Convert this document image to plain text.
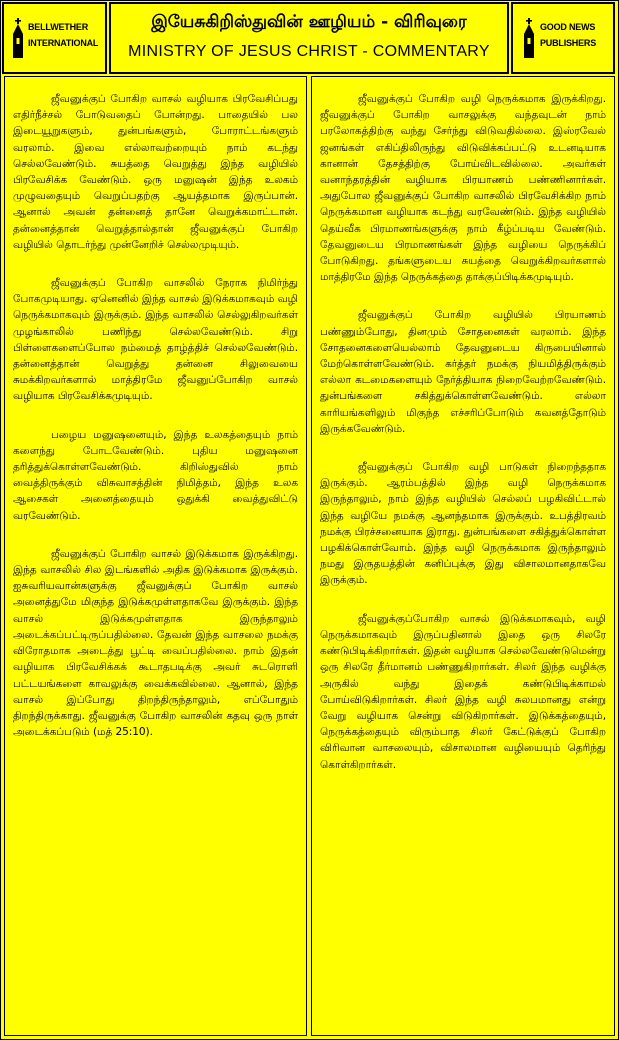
BELLWETHER
INTERNATIONAL
இயேசுகிறிஸ்துவின் ஊழியம் - விரிவுரை
MINISTRY OF JESUS CHRIST - COMMENTARY
GOOD NEWS
PUBLISHERS

ஜீவனுக்குப் போகிற வாசல் வழியாக பிரவேசிப்பது எதிர்நீச்சல் போடுவதைப் போன்றது. பாதையில் பல இடையூறுகளும், துன்பங்களும், போராட்டங்களும் வரலாம். இவை எல்லாவற்றையும் நாம் கடந்து செல்லவேண்டும். சுயத்தை வெறுத்து இந்த வழியில் பிரவேசிக்க வேண்டும். ஒரு மனுஷன் இந்த உலகம் முழுவதையும் வெறுப்பதற்கு ஆயத்தமாக இருப்பான். ஆனால் அவன் தன்னைத் தானே வெறுக்கமாட்டான். தன்னைத்தான் வெறுத்தால்தான் ஜீவனுக்குப் போகிற வழியில் தொடர்ந்து முன்னேறிச் செல்லமுடியும்.

ஜீவனுக்குப் போகிற வாசலில் நேராக நிமிர்ந்து போகமுடியாது. ஏனெனில் இந்த வாசல் இடுக்கமாகவும் வழி நெருக்கமாகவும் இருக்கும். இந்த வாசலில் செல்லுகிறவர்கள் முழங்காலில் பணிந்து செல்லவேண்டும். சிறு பிள்ளைகளைப்போல நம்மைத் தாழ்த்திச் செல்லவேண்டும். தன்னைத்தான் வெறுத்து தன்னை சிலுவையை சுமக்கிறவர்களால் மாத்திரமே ஜீவனுப்போகிற வாசல் வழியாக பிரவேசிக்கமுடியும்.

பழைய மனுஷனையும், இந்த உலகத்தையும் நாம் களைந்து போடவேண்டும். புதிய மனுஷனை தரித்துக்கொள்ளவேண்டும். கிறிஸ்துவில் நாம் வைத்திருக்கும் விசுவாசத்தின் நிமித்தம், இந்த உலக ஆசைகள் அனைத்தையும் ஒதுக்கி வைத்துவிட்டு வரவேண்டும்.

ஜீவனுக்குப் போகிற வாசல் இடுக்கமாக இருக்கிறது. இந்த வாசலில் சில இடங்களில் அதிக இடுக்கமாக இருக்கும். ஐசுவரியவான்களுக்கு ஜீவனுக்குப் போகிற வாசல் அனைத்துமே மிகுந்த இடுக்கமுள்ளதாகவே இருக்கும். இந்த வாசல் இடுக்கமுள்ளதாக இருந்தாலும் அடைக்கப்பட்டிருப்பதில்லை. தேவன் இந்த வாசலை நமக்கு விரோதமாக அடைத்து பூட்டி வைப்பதில்லை. நாம் இதன் வழியாக பிரவேசிக்கக் கூடாதபடிக்கு அவர் சுடரொளி பட்டயங்களை காவலுக்கு வைக்கவில்லை. ஆனால், இந்த வாசல் இப்போது திறந்திருந்தாலும், எப்போதும் திறந்திருக்காது. ஜீவனுக்கு போகிற வாசலின் கதவு ஒரு நாள் அடைக்கப்படும் (மத் 25:10).

ஜீவனுக்குப் போகிற வழி நெருக்கமாக இருக்கிறது. ஜீவனுக்குப் போகிற வாசலுக்கு வந்தவுடன் நாம் பரலோகத்திற்கு வந்து சேர்ந்து விடுவதில்லை. இஸ்ரவேல் ஜனங்கள் எகிப்திலிருந்து விடுவிக்கப்பட்டு உடனடியாக கானான் தேசத்திற்கு போய்விடவில்லை. அவர்கள் வனாந்தரத்தின் வழியாக பிரயாணம் பண்ணினார்கள். அதுபோல ஜீவனுக்குப் போகிற வாசலில் பிரவேசிக்கிற நாம் நெருக்கமான வழியாக கடந்து வரவேண்டும். இந்த வழியில் தெய்வீக பிரமாணங்களுக்கு நாம் கீழ்ப்படிய வேண்டும். தேவனுடைய பிரமாணங்கள் இந்த வழியை நெருக்கிப் போடுகிறது. தங்களுடைய சுயத்தை வெறுக்கிறவர்களால் மாத்திரமே இந்த நெருக்கத்தை தாக்குப்பிடிக்கமுடியும்.

ஜீவனுக்குப் போகிற வழியில் பிரயாணம் பண்ணும்போது, தினமும் சோதனைகள் வரலாம். இந்த சோதனைகளையெல்லாம் தேவனுடைய கிருபையினால் மேற்கொள்ளவேண்டும். கர்த்தர் நமக்கு நியமித்திருக்கும் எல்லா கடமைகளையும் நேர்த்தியாக நிறைவேற்றவேண்டும். துன்பங்களை சகித்துக்கொள்ளவேண்டும். எல்லா காரியங்களிலும் மிகுந்த எச்சரிப்போடும் கவனத்தோடும் இருக்கவேண்டும்.

ஜீவனுக்குப் போகிற வழி பாடுகள் நிறைந்ததாக இருக்கும். ஆரம்பத்தில் இந்த வழி நெருக்கமாக இருந்தாலும், நாம் இந்த வழியில் செல்லப் பழகிவிட்டால் இந்த வழியே நமக்கு ஆனந்தமாக இருக்கும். உபத்திரவம் நமக்கு பிரச்சனையாக இராது. துன்பங்களை சகித்துக்கொள்ள பழகிக்கொள்வோம். இந்த வழி நெருக்கமாக இருந்தாலும் நமது இருதயத்தின் கனிப்புக்கு இது விசாலமானதாகவே இருக்கும்.

ஜீவனுக்குப்போகிற வாசல் இடுக்கமாகவும், வழி நெருக்கமாகவும் இருப்பதினால் இதை ஒரு சிலரே கண்டுபிடிக்கிறார்கள். இதன் வழியாக செல்லவேண்டுமென்று ஒரு சிலரே தீர்மானம் பண்ணுகிறார்கள். சிலர் இந்த வழிக்கு அருகில் வந்து இதைக் கண்டுபிடிக்காமல் போய்விடுகிறார்கள். சிலர் இந்த வழி சுலபமானது என்று வேறு வழியாக சென்று விடுகிறார்கள். இடுக்கத்தையும், நெருக்கத்தையும் விரும்பாத சிலர் கேட்டுக்குப் போகிற விரிவான வாசலையும், விசாலமான வழியையும் தெரிந்து கொள்கிறார்கள்.
